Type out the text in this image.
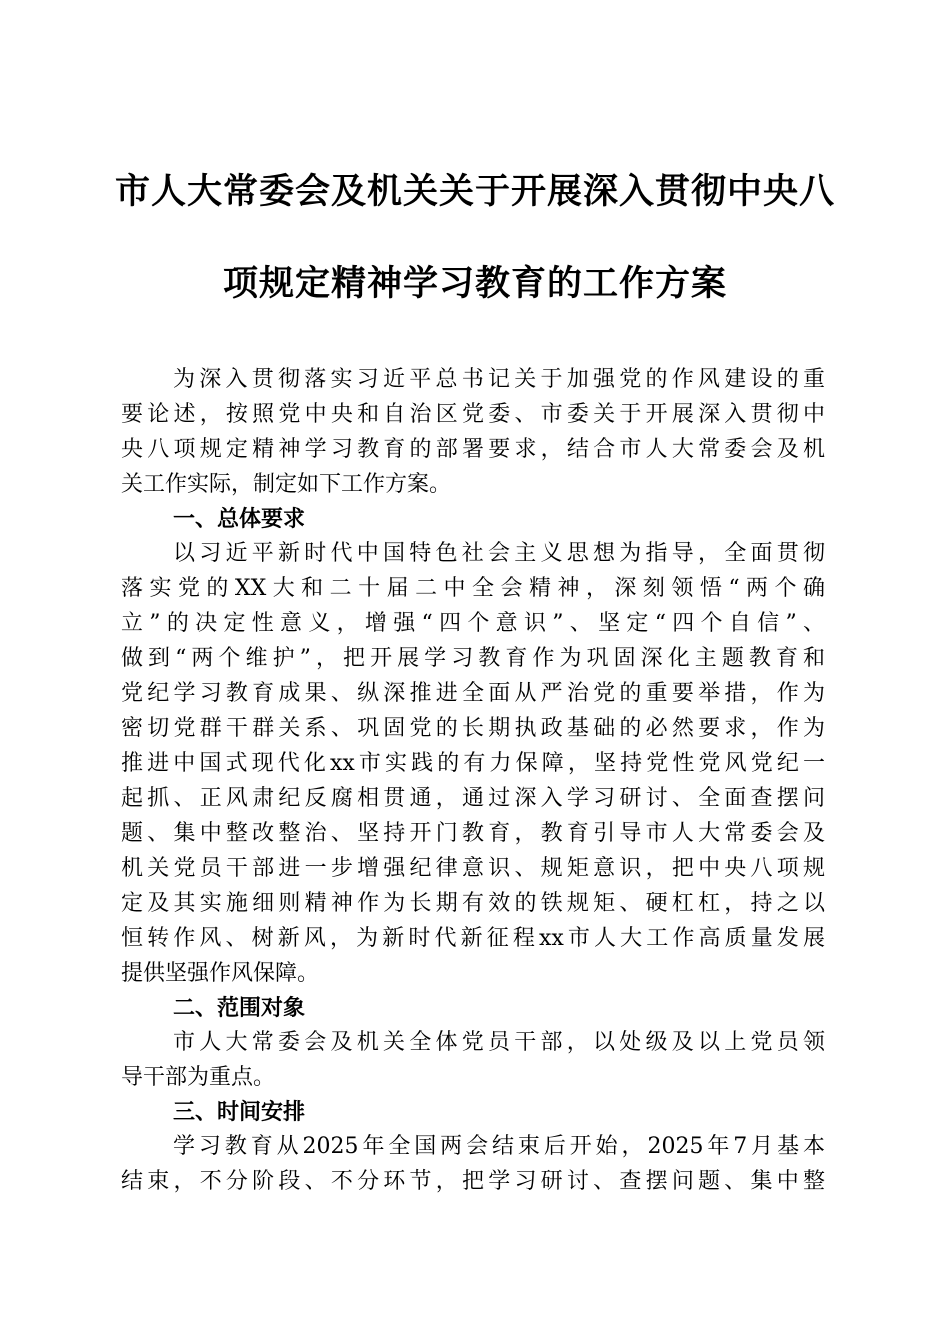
市人大常委会及机关关于开展深入贯彻中央八
项规定精神学习教育的工作方案
为深入贯彻落实习近平总书记关于加强党的作风建设的重
要论述，按照党中央和自治区党委、市委关于开展深入贯彻中
央八项规定精神学习教育的部署要求，结合市人大常委会及机
关工作实际，制定如下工作方案。
一、总体要求
以习近平新时代中国特色社会主义思想为指导，全面贯彻
落实党的XX大和二十届二中全会精神，深刻领悟“两个确
立”的决定性意义，增强“四个意识”、坚定“四个自信”、
做到“两个维护”，把开展学习教育作为巩固深化主题教育和
党纪学习教育成果、纵深推进全面从严治党的重要举措，作为
密切党群干群关系、巩固党的长期执政基础的必然要求，作为
推进中国式现代化xx市实践的有力保障，坚持党性党风党纪一
起抓、正风肃纪反腐相贯通，通过深入学习研讨、全面查摆问
题、集中整改整治、坚持开门教育，教育引导市人大常委会及
机关党员干部进一步增强纪律意识、规矩意识，把中央八项规
定及其实施细则精神作为长期有效的铁规矩、硬杠杠，持之以
恒转作风、树新风，为新时代新征程xx市人大工作高质量发展
提供坚强作风保障。
二、范围对象
市人大常委会及机关全体党员干部，以处级及以上党员领
导干部为重点。
三、时间安排
学习教育从2025年全国两会结束后开始，2025年7月基本
结束，不分阶段、不分环节，把学习研讨、查摆问题、集中整
